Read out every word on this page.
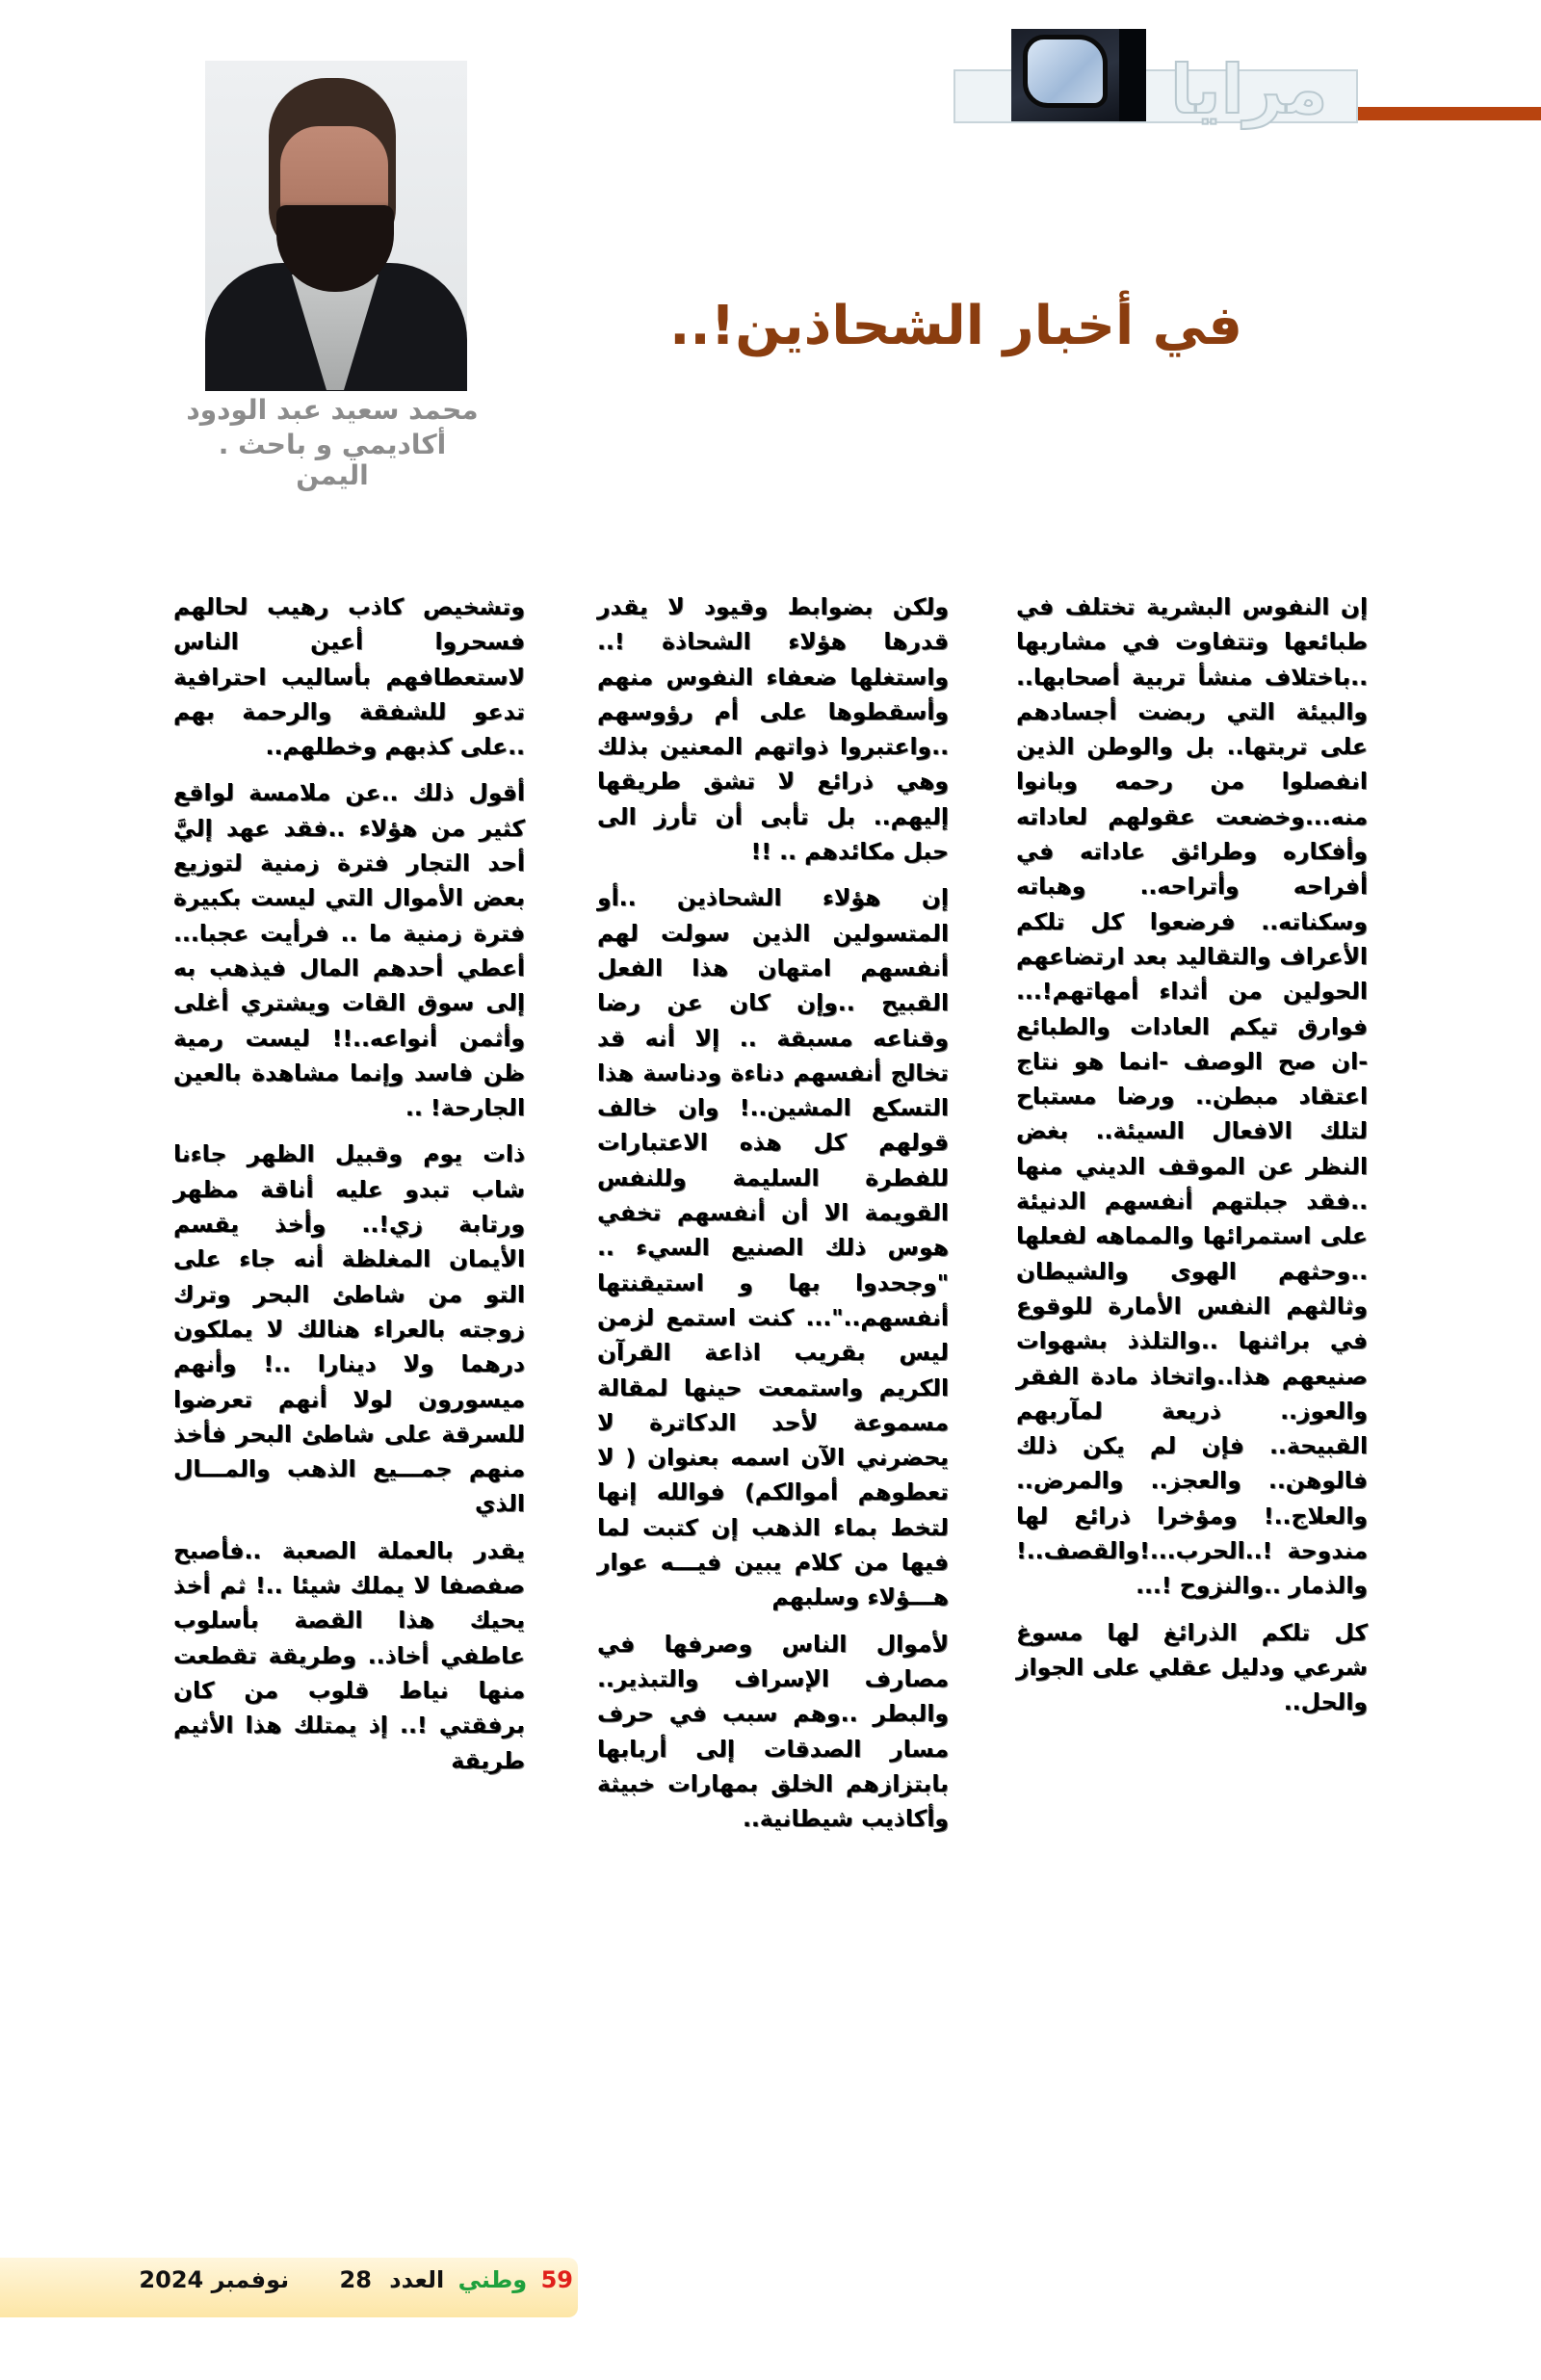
مرايا
في أخبار الشحاذين!..
محمد سعيد عبد الودود
أكاديمي و باحث . اليمن

إن النفوس البشرية تختلف في طبائعها وتتفاوت في مشاربها ..باختلاف منشأ تربية أصحابها.. والبيئة التي ربضت أجسادهم على تربتها.. بل والوطن الذين انفصلوا من رحمه وبانوا منه...وخضعت عقولهم لعاداته وأفكاره وطرائق عاداته في أفراحه وأتراحه.. وهباته وسكناته.. فرضعوا كل تلكم الأعراف والتقاليد بعد ارتضاعهم الحولين من أثداء أمهاتهم!... فوارق تيكم العادات والطبائع -ان صح الوصف -انما هو نتاج اعتقاد مبطن.. ورضا مستباح لتلك الافعال السيئة.. بغض النظر عن الموقف الديني منها ..فقد جبلتهم أنفسهم الدنيئة على استمرائها والمماهه لفعلها ..وحثهم الهوى والشيطان وثالثهم النفس الأمارة للوقوع في براثنها ..والتلذذ بشهوات صنيعهم هذا..واتخاذ مادة الفقر والعوز.. ذريعة لمآربهم القبيحة.. فإن لم يكن ذلك فالوهن.. والعجز.. والمرض.. والعلاج..! ومؤخرا ذرائع لها مندوحة !..الحرب...!والقصف..! والذمار ..والنزوح !...

كل تلكم الذرائغ لها مسوغ شرعي ودليل عقلي على الجواز والحل..

ولكن بضوابط وقيود لا يقدر قدرها هؤلاء الشحاذة !.. واستغلها ضعفاء النفوس منهم وأسقطوها على أم رؤوسهم ..واعتبروا ذواتهم المعنين بذلك وهي ذرائع لا تشق طريقها إليهم.. بل تأبى أن تأرز الى حبل مكائدهم .. !!

إن هؤلاء الشحاذين ..أو المتسولين الذين سولت لهم أنفسهم امتهان هذا الفعل القبيح ..وإن كان عن رضا وقناعه مسبقة .. إلا أنه قد تخالج أنفسهم دناءة ودناسة هذا التسكع المشين..! وان خالف قولهم كل هذه الاعتبارات للفطرة السليمة وللنفس القويمة الا أن أنفسهم تخفي هوس ذلك الصنيع السيء .. "وجحدوا بها و استيقنتها أنفسهم.."... كنت استمع لزمن ليس بقريب اذاعة القرآن الكريم واستمعت حينها لمقالة مسموعة لأحد الدكاترة لا يحضرني الآن اسمه بعنوان ( لا تعطوهم أموالكم) فوالله إنها لتخط بماء الذهب إن كتبت لما فيها من كلام يبين فيـــه عوار هـــؤلاء وسلبهم

لأموال الناس وصرفها في مصارف الإسراف والتبذير.. والبطر ..وهم سبب في حرف مسار الصدقات إلى أربابها بابتزازهم الخلق بمهارات خبيثة وأكاذيب شيطانية..

وتشخيص كاذب رهيب لحالهم فسحروا أعين الناس لاستعطافهم بأساليب احترافية تدعو للشفقة والرحمة بهم ..على كذبهم وخطلهم..

أقول ذلك ..عن ملامسة لواقع كثير من هؤلاء ..فقد عهد إليَّ أحد التجار فترة زمنية لتوزيع بعض الأموال التي ليست بكبيرة فترة زمنية ما .. فرأيت عجبا... أعطي أحدهم المال فيذهب به إلى سوق القات ويشتري أغلى وأثمن أنواعه..!! ليست رمية ظن فاسد وإنما مشاهدة بالعين الجارحة! ..

ذات يوم وقبيل الظهر جاءنا شاب تبدو عليه أناقة مظهر ورتابة زي!.. وأخذ يقسم الأيمان المغلظة أنه جاء على التو من شاطئ البحر وترك زوجته بالعراء هنالك لا يملكون درهما ولا دينارا ..! وأنهم ميسورون لولا أنهم تعرضوا للسرقة على شاطئ البحر فأخذ منهم جمـــيع الذهب والمـــال الذي

يقدر بالعملة الصعبة ..فأصبح صفصفا لا يملك شيئا ..! ثم أخذ يحيك هذا القصة بأسلوب عاطفي أخاذ.. وطريقة تقطعت منها نياط قلوب من كان برفقتي !.. إذ يمتلك هذا الأثيم طريقة

59 وطني العدد 28 نوفمبر 2024
